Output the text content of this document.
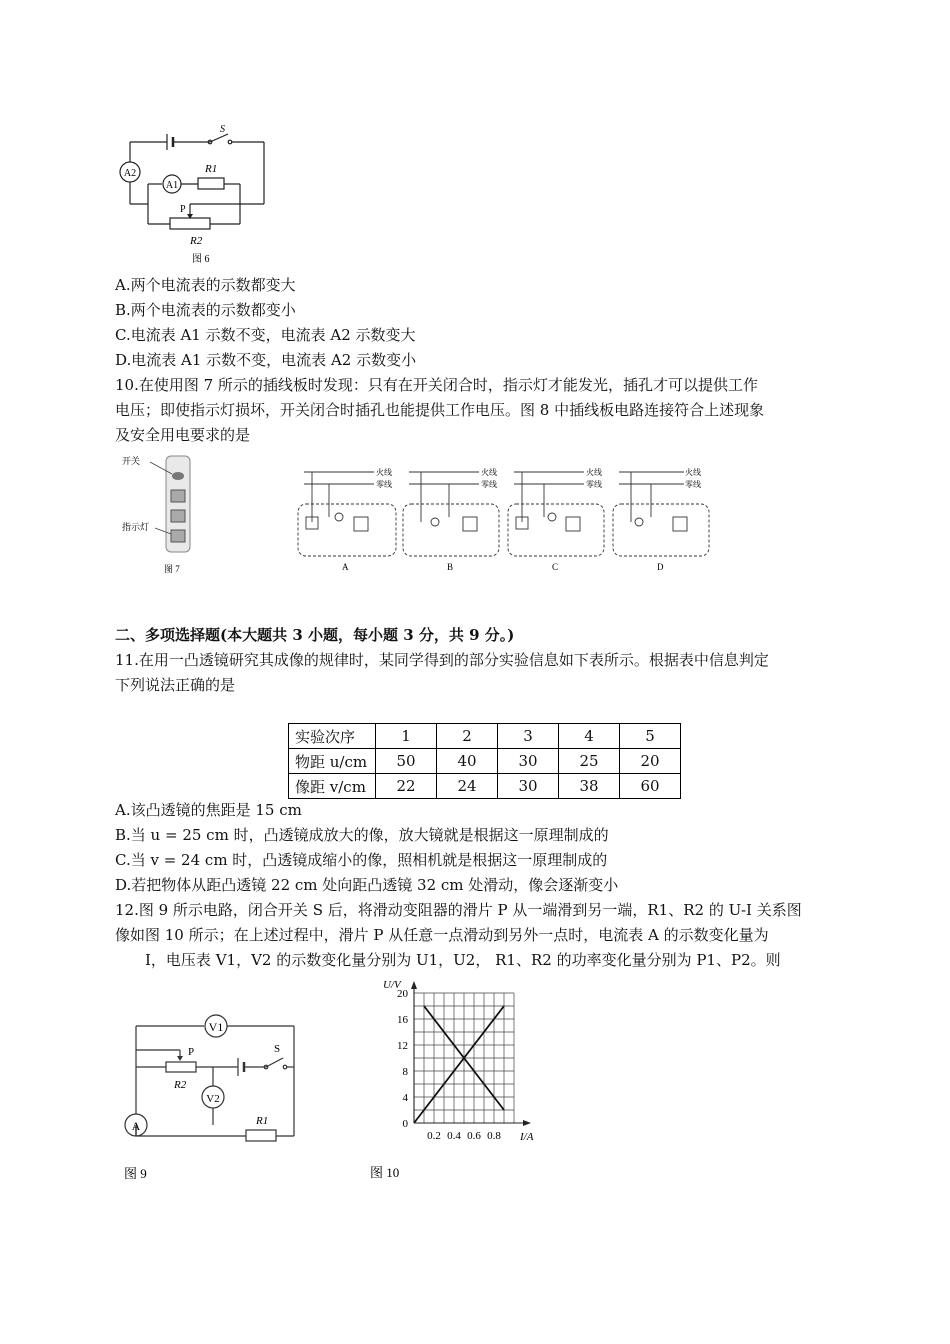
A2
A1
S
R1
P
R2
图 6
A.两个电流表的示数都变大
B.两个电流表的示数都变小
C.电流表 A1 示数不变，电流表 A2 示数变大
D.电流表 A1 示数不变，电流表 A2 示数变小
10.在使用图 7 所示的插线板时发现：只有在开关闭合时，指示灯才能发光，插孔才可以提供工作
电压；即使指示灯损坏，开关闭合时插孔也能提供工作电压。图 8 中插线板电路连接符合上述现象
及安全用电要求的是
开关
指示灯
图 7
火线
零线
A
火线
零线
B
火线
零线
C
火线
零线
D
二、多项选择题(本大题共 3 小题，每小题 3 分，共 9 分。)
11.在用一凸透镜研究其成像的规律时，某同学得到的部分实验信息如下表所示。根据表中信息判定
下列说法正确的是
实验次序	1	2	3	4	5
物距 u/cm	50	40	30	25	20
像距 v/cm	22	24	30	38	60
A.该凸透镜的焦距是 15 cm
B.当 u = 25 cm 时，凸透镜成放大的像，放大镜就是根据这一原理制成的
C.当 v = 24 cm 时，凸透镜成缩小的像，照相机就是根据这一原理制成的
D.若把物体从距凸透镜 22 cm 处向距凸透镜 32 cm 处滑动，像会逐渐变小
12.图 9 所示电路，闭合开关 S 后，将滑动变阻器的滑片 P 从一端滑到另一端，R1、R2 的 U-I 关系图
像如图 10 所示；在上述过程中，滑片 P 从任意一点滑动到另外一点时，电流表 A 的示数变化量为
I，电压表 V1，V2 的示数变化量分别为 U1，U2， R1、R2 的功率变化量分别为 P1、P2。则
V1
P	S
R2
A
V2
R1
图 9
20
16
12
8
4
0
0.2 0.4 0.6 0.8
U/V
I/A
图 10
